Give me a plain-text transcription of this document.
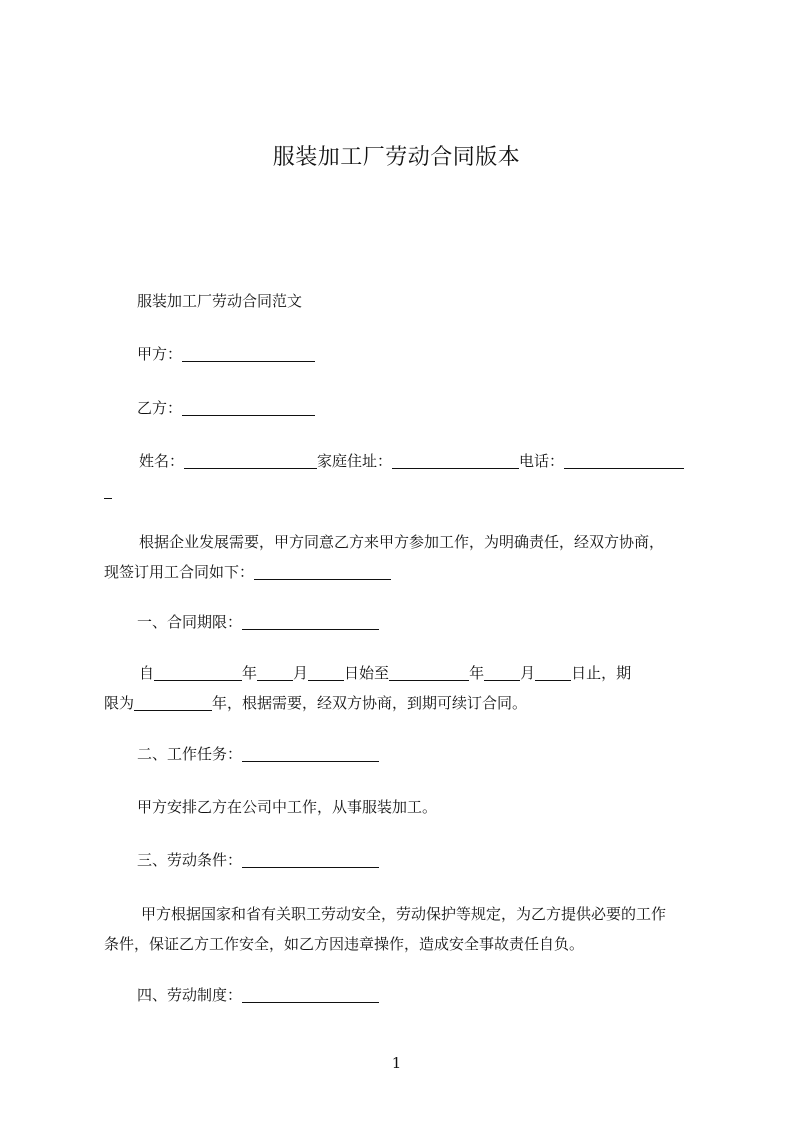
服装加工厂劳动合同版本
服装加工厂劳动合同范文
甲方：
乙方：
姓名：	家庭住址：	电话：
根据企业发展需要，甲方同意乙方来甲方参加工作，为明确责任，经双方协商，
现签订用工合同如下：
一、合同期限：
自	年 月 日始至	年 月 日止，期
限为	年，根据需要，经双方协商，到期可续订合同。
二、工作任务：
甲方安排乙方在公司中工作，从事服装加工。
三、劳动条件：
甲方根据国家和省有关职工劳动安全，劳动保护等规定，为乙方提供必要的工作
条件，保证乙方工作安全，如乙方因违章操作，造成安全事故责任自负。
四、劳动制度：
1
